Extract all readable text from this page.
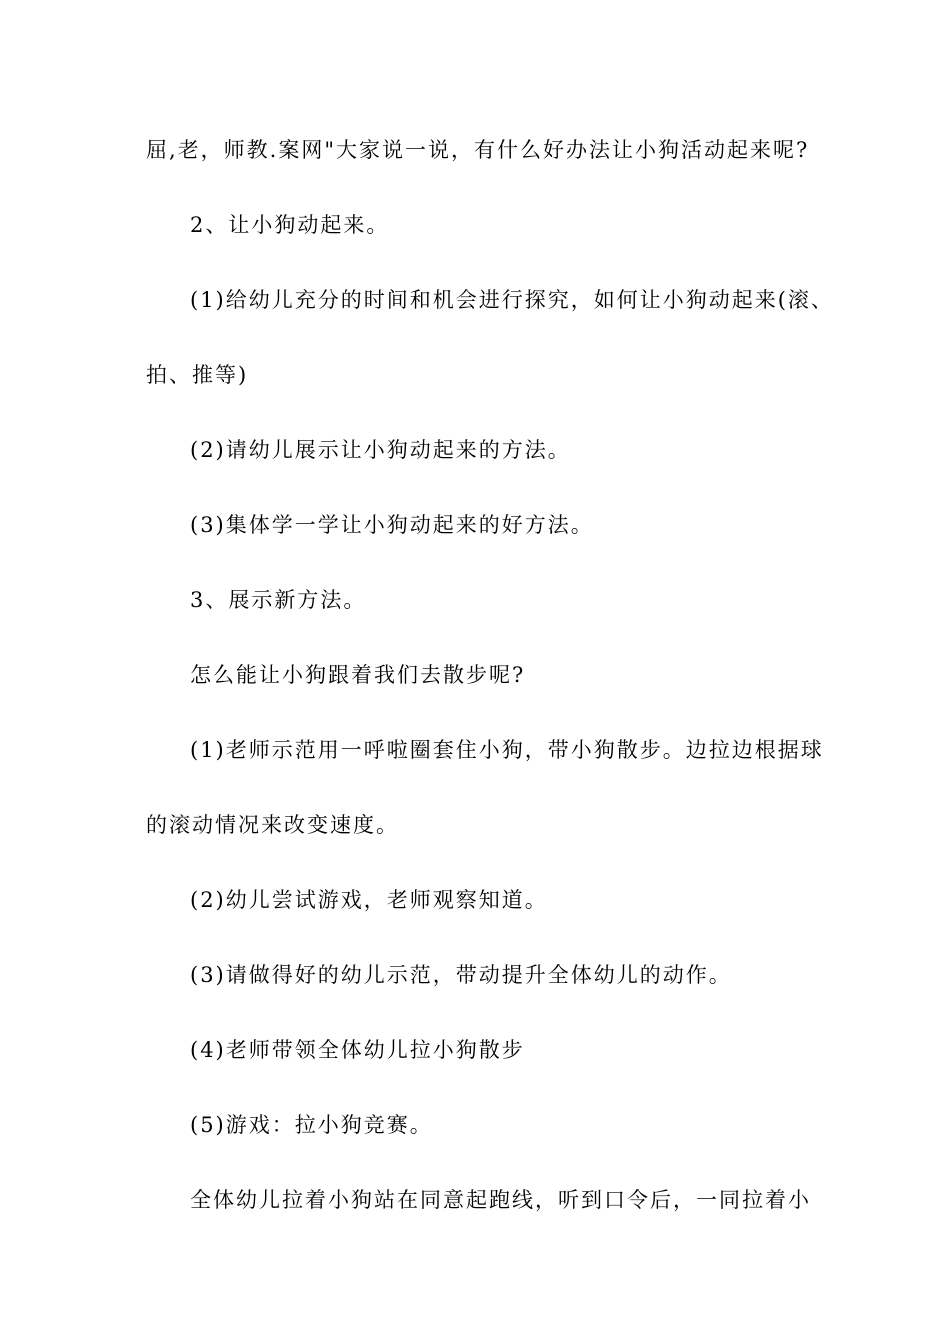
屈,老，师教.案网"大家说一说，有什么好办法让小狗活动起来呢?

2、让小狗动起来。

(1)给幼儿充分的时间和机会进行探究，如何让小狗动起来(滚、

拍、推等)

(2)请幼儿展示让小狗动起来的方法。

(3)集体学一学让小狗动起来的好方法。

3、展示新方法。

怎么能让小狗跟着我们去散步呢?

(1)老师示范用一呼啦圈套住小狗，带小狗散步。边拉边根据球

的滚动情况来改变速度。

(2)幼儿尝试游戏，老师观察知道。

(3)请做得好的幼儿示范，带动提升全体幼儿的动作。

(4)老师带领全体幼儿拉小狗散步

(5)游戏：拉小狗竞赛。

全体幼儿拉着小狗站在同意起跑线，听到口令后，一同拉着小
